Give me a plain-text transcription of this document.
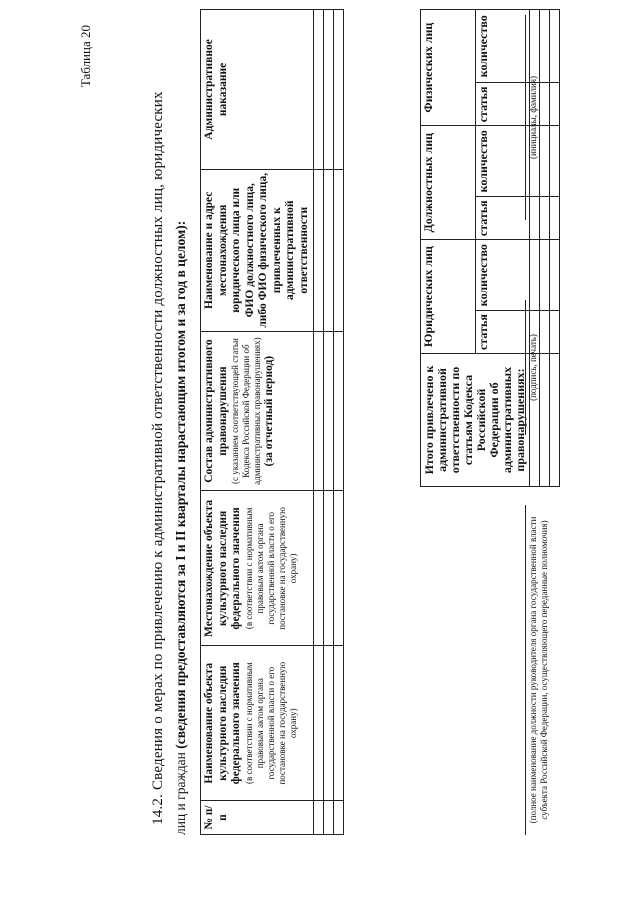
Таблица 20
14.2. Сведения о мерах по привлечению к административной ответственности должностных лиц, юридических лиц и граждан (сведения предоставляются за I и II кварталы нарастающим итогом и за год в целом):
№ п/п	Наименование объекта культурного наследия федерального значения (в соответствии с нормативным правовым актом органа государственной власти о его постановке на государственную охрану)	Местонахождение объекта культурного наследия федерального значения (в соответствии с нормативным правовым актом органа государственной власти о его постановке на государственную охрану)	Состав административного правонарушения (с указанием соответствующей статьи Кодекса Российской Федерации об административных правонарушениях) (за отчетный период)	Наименование и адрес местонахождения юридического лица или ФИО должностного лица, либо ФИО физического лица, привлеченных к административной ответственности	Административное наказание

Итого привлечено к административной ответственности по статьям Кодекса Российской Федерации об административных правонарушениях:	Юридических лиц		Должностных лиц		Физических лиц	
	статья	количество	статья	количество	статья	количество

(полное наименование должности руководителя органа государственной власти субъекта Российской Федерации, осуществляющего переданные полномочия)
(подпись, печать)
(инициалы, фамилия)
